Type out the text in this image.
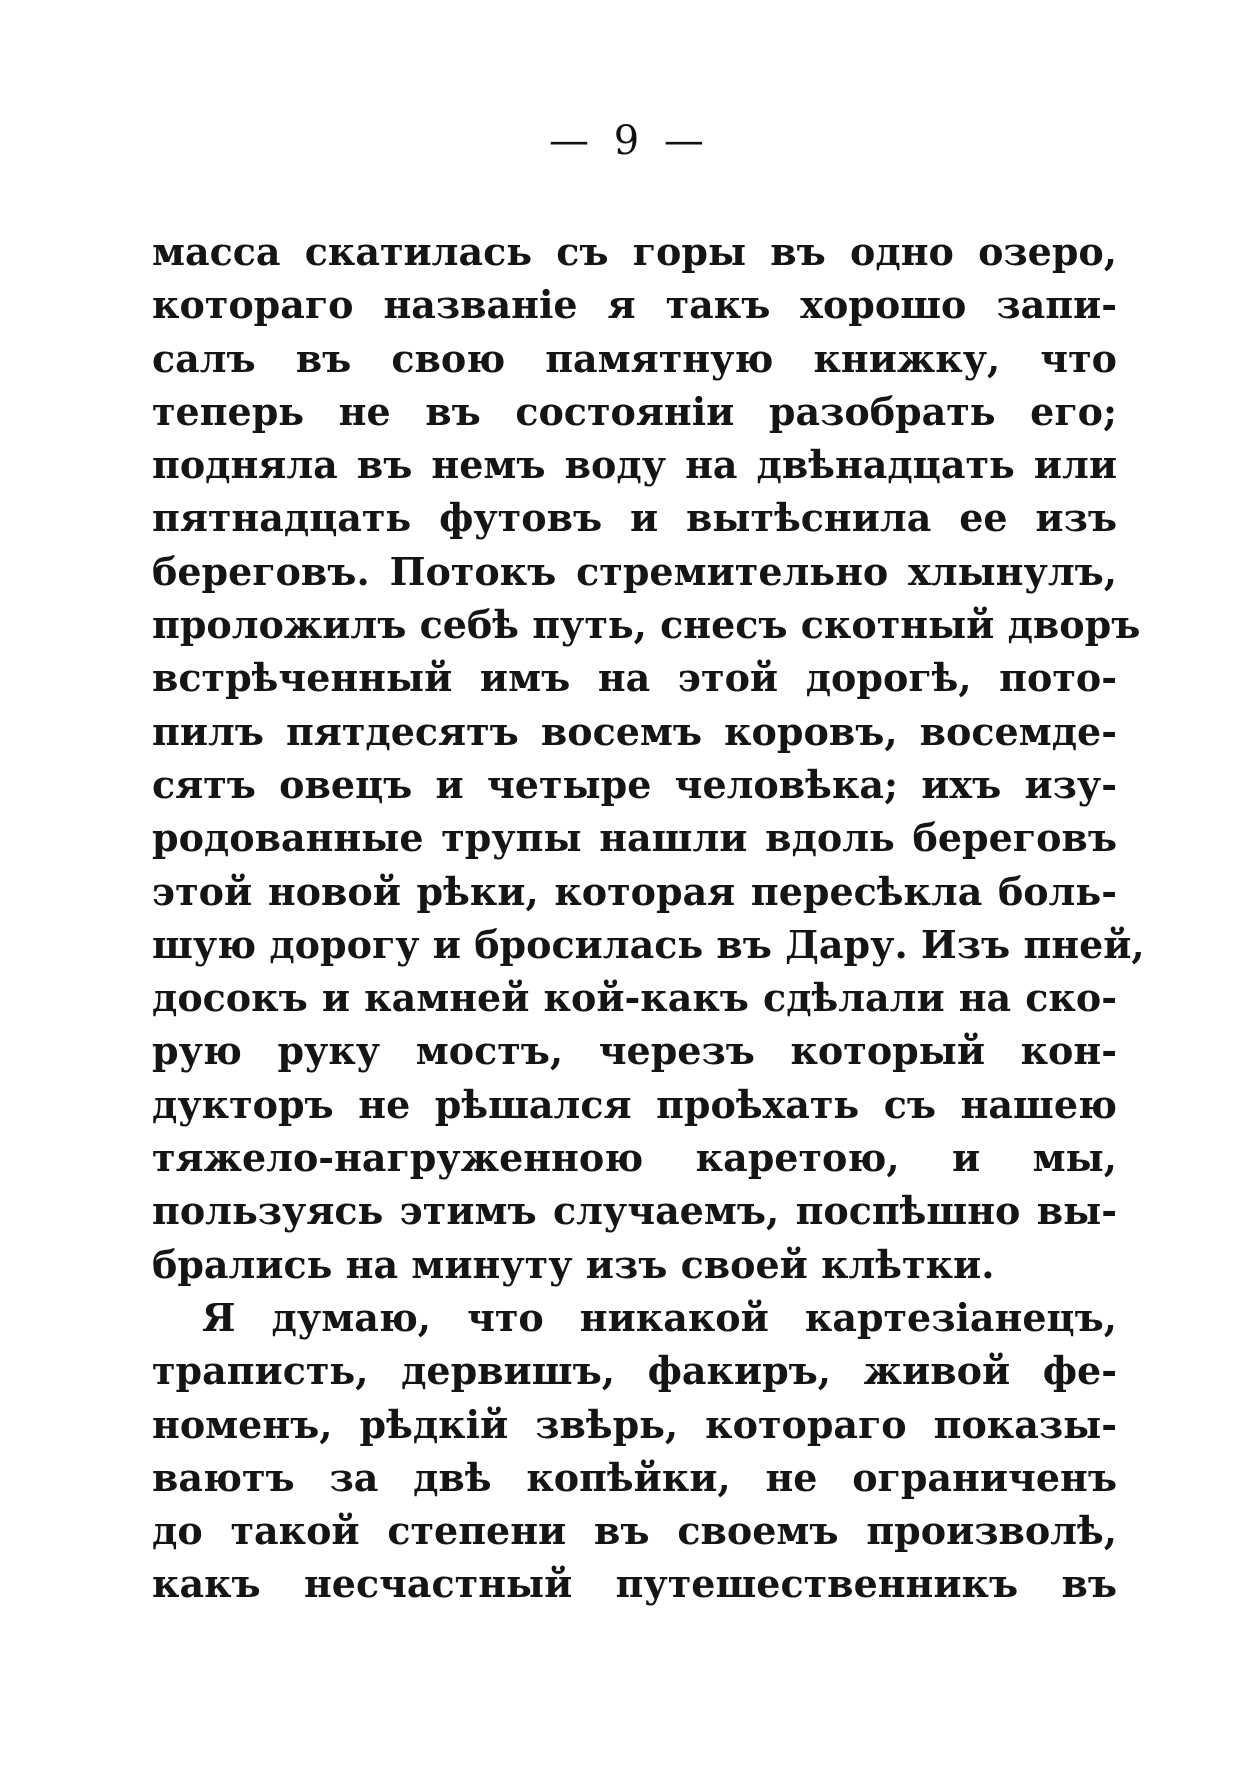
— 9 —
масса скатилась съ горы въ одно озеро,
котораго названіе я такъ хорошо запи-
салъ въ свою памятную книжку, что
теперь не въ состояніи разобрать его;
подняла въ немъ воду на двѣнадцать или
пятнадцать футовъ и вытѣснила ее изъ
береговъ. Потокъ стремительно хлынулъ,
проложилъ себѣ путь, снесъ скотный дворъ
встрѣченный имъ на этой дорогѣ, пото-
пилъ пятдесятъ восемъ коровъ, восемде-
сятъ овецъ и четыре человѣка; ихъ изу-
родованные трупы нашли вдоль береговъ
этой новой рѣки, которая пересѣкла боль-
шую дорогу и бросилась въ Дару. Изъ пней,
досокъ и камней кой-какъ сдѣлали на ско-
рую руку мостъ, черезъ который кон-
дукторъ не рѣшался проѣхать съ нашею
тяжело-нагруженною каретою, и мы,
пользуясь этимъ случаемъ, поспѣшно вы-
брались на минуту изъ своей клѣтки.
Я думаю, что никакой картезіанецъ,
траписть, дервишъ, факиръ, живой фе-
номенъ, рѣдкій звѣрь, котораго показы-
ваютъ за двѣ копѣйки, не ограниченъ
до такой степени въ своемъ произволѣ,
какъ несчастный путешественникъ въ
